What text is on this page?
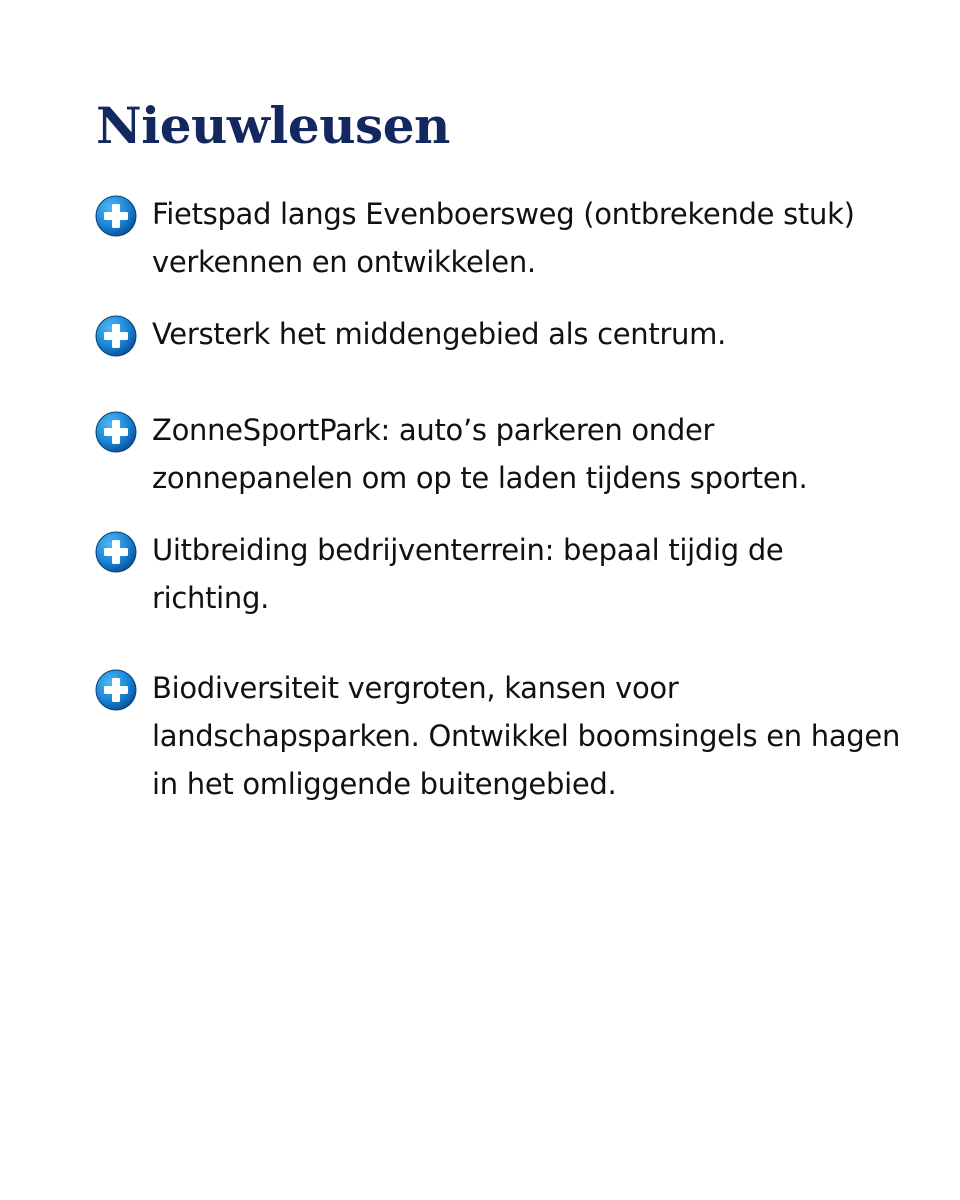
Nieuwleusen
Fietspad langs Evenboersweg (ontbrekende stuk) verkennen en ontwikkelen.
Versterk het middengebied als centrum.
ZonneSportPark: auto’s parkeren onder zonnepanelen om op te laden tijdens sporten.
Uitbreiding bedrijventerrein: bepaal tijdig de richting.
Biodiversiteit vergroten, kansen voor landschapsparken. Ontwikkel boomsingels en hagen in het omliggende buitengebied.
